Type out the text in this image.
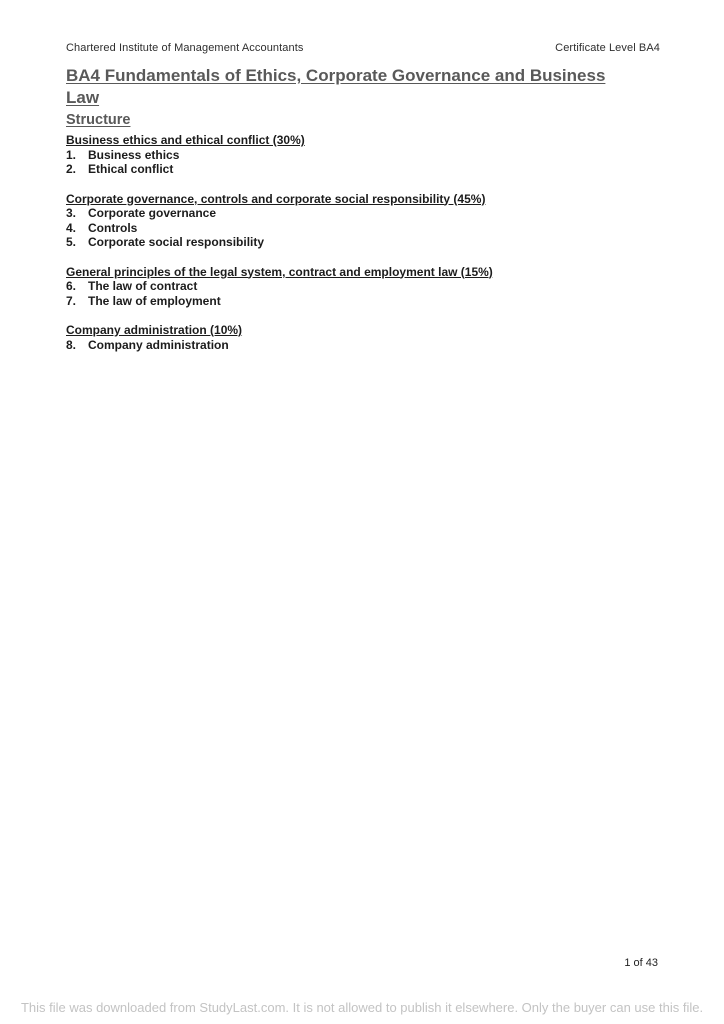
Chartered Institute of Management Accountants	Certificate Level BA4
BA4 Fundamentals of Ethics, Corporate Governance and Business Law
Structure
Business ethics and ethical conflict (30%)
1. Business ethics
2. Ethical conflict
Corporate governance, controls and corporate social responsibility (45%)
3. Corporate governance
4. Controls
5. Corporate social responsibility
General principles of the legal system, contract and employment law (15%)
6. The law of contract
7. The law of employment
Company administration (10%)
8. Company administration
1 of 43
This file was downloaded from StudyLast.com. It is not allowed to publish it elsewhere. Only the buyer can use this file.
